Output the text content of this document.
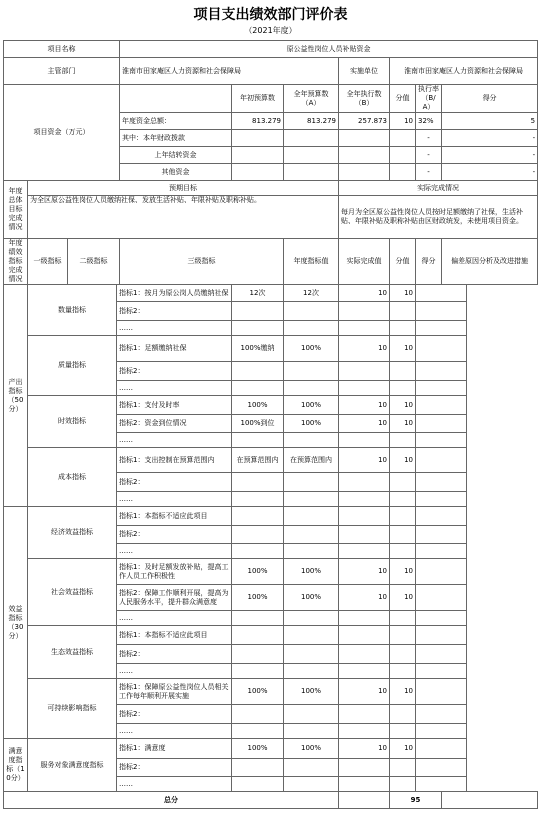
项目支出绩效部门评价表
（2021年度）
项目名称				原公益性岗位人员补贴资金						
主管部门				淮南市田家庵区人力资源和社会保障局			实施单位	淮南市田家庵区人力资源和社会保障局		
项目资金（万元）					年初预算数	全年预算数（A）	全年执行数（B）	分值	执行率（B/A）	得分
				年度资金总额：	813.279	813.279	257.873	10	32%	5
				其中：本年财政拨款					-	-
				上年结转资金					-	-
				其他资金					-	-
年度总体目标完成情况	预期目标						实际完成情况			
	为全区原公益性岗位人员缴纳社保、发放生活补贴、年限补贴及职称补贴。						每月为全区原公益性岗位人员按时足额缴纳了社保，生活补贴、年限补贴及职称补贴由区财政统发，未使用项目资金。			
年度绩效指标完成情况	一级指标	二级指标		三级指标		年度指标值	实际完成值	分值	得分	偏差原因分析及改进措施
产出指标（50分）	数量指标		指标1：按月为原公岗人员缴纳社保		12次	12次	10	10		
			指标2：							
			……							
	质量指标		指标1：足额缴纳社保		100%缴纳	100%	10	10		
			指标2：							
			……							
	时效指标		指标1：支付及时率		100%	100%	10	10		
			指标2：资金到位情况		100%到位	100%	10	10		
			……							
	成本指标		指标1：支出控制在预算范围内		在预算范围内	在预算范围内	10	10		
			指标2：							
			……							
效益指标（30分）	经济效益指标		指标1：本指标不适应此项目							
			指标2：							
			……							
	社会效益指标		指标1：及时足额发放补贴，提高工作人员工作积极性		100%	100%	10	10		
			指标2：保障工作顺利开展，提高为人民服务水平，提升群众满意度		100%	100%	10	10		
			……							
	生态效益指标		指标1：本指标不适应此项目							
			指标2：							
			……							
	可持续影响指标		指标1：保障原公益性岗位人员相关工作每年顺利开展实施		100%	100%	10	10		
			指标2：							
			……							
满意度指标（10分）	服务对象满意度指标		指标1：满意度		100%	100%	10	10		
			指标2：							
			……							
总分								95		
